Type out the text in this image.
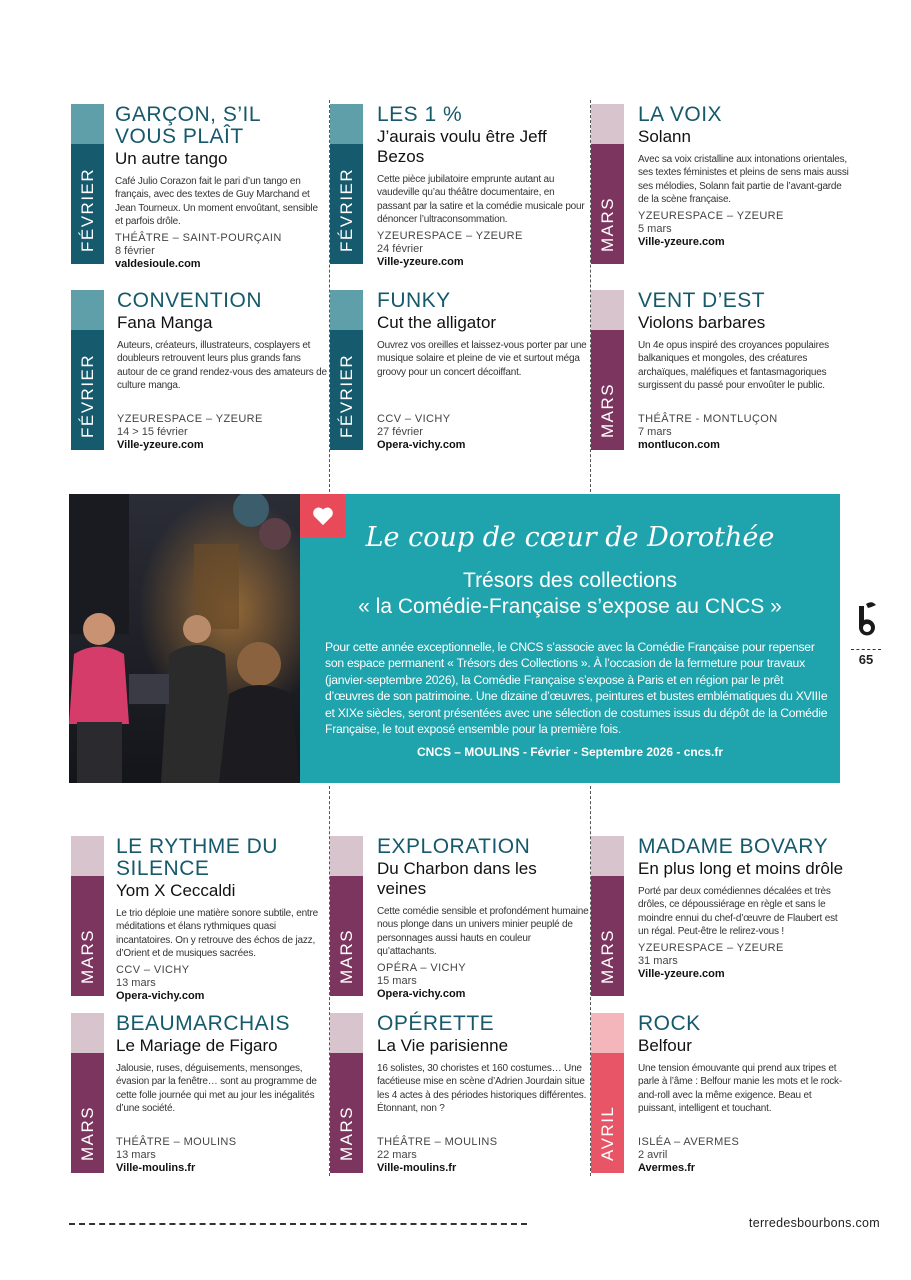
FÉVRIER
GARÇON, S’IL VOUS PLAÎT
Un autre tango
Café Julio Corazon fait le pari d’un tango en français, avec des textes de Guy Marchand et Jean Tourneux. Un moment envoûtant, sensible et parfois drôle.
THÉÂTRE – SAINT-POURÇAIN
8 février
valdesioule.com
FÉVRIER
LES 1 %
J’aurais voulu être Jeff Bezos
Cette pièce jubilatoire emprunte autant au vaudeville qu’au théâtre documentaire, en passant par la satire et la comédie musicale pour dénoncer l’ultraconsommation.
YZEURESPACE – YZEURE
24 février
Ville-yzeure.com
MARS
LA VOIX
Solann
Avec sa voix cristalline aux intonations orientales, ses textes féministes et pleins de sens mais aussi ses mélodies, Solann fait partie de l’avant-garde de la scène française.
YZEURESPACE – YZEURE
5 mars
Ville-yzeure.com
FÉVRIER
CONVENTION
Fana Manga
Auteurs, créateurs, illustrateurs, cosplayers et doubleurs retrouvent leurs plus grands fans autour de ce grand rendez-vous des amateurs de culture manga.
YZEURESPACE – YZEURE
14 > 15 février
Ville-yzeure.com
FÉVRIER
FUNKY
Cut the alligator
Ouvrez vos oreilles et laissez-vous porter par une musique solaire et pleine de vie et surtout méga groovy pour un concert décoiffant.
CCV – VICHY
27 février
Opera-vichy.com
MARS
VENT D’EST
Violons barbares
Un 4e opus inspiré des croyances populaires balkaniques et mongoles, des créatures archaïques, maléfiques et fantasmagoriques surgissent du passé pour envoûter le public.
THÉÂTRE - MONTLUÇON
7 mars
montlucon.com
Le coup de cœur de Dorothée
Trésors des collections
« la Comédie-Française s’expose au CNCS »
Pour cette année exceptionnelle, le CNCS s’associe avec la Comédie Française pour repenser son espace permanent « Trésors des Collections ». À l’occasion de la fermeture pour travaux (janvier-septembre 2026), la Comédie Française s’expose à Paris et en région par le prêt d’œuvres de son patrimoine. Une dizaine d’œuvres, peintures et bustes emblématiques du XVIIIe et XIXe siècles, seront présentées avec une sélection de costumes issus du dépôt de la Comédie Française, le tout exposé ensemble pour la première fois.
CNCS – MOULINS - Février - Septembre 2026 - cncs.fr
65
MARS
LE RYTHME DU SILENCE
Yom X Ceccaldi
Le trio déploie une matière sonore subtile, entre méditations et élans rythmiques quasi incantatoires. On y retrouve des échos de jazz, d’Orient et de musiques sacrées.
CCV – VICHY
13 mars
Opera-vichy.com
MARS
EXPLORATION
Du Charbon dans les veines
Cette comédie sensible et profondément humaine nous plonge dans un univers minier peuplé de personnages aussi hauts en couleur qu’attachants.
OPÉRA – VICHY
15 mars
Opera-vichy.com
MARS
MADAME BOVARY
En plus long et moins drôle
Porté par deux comédiennes décalées et très drôles, ce dépoussiérage en règle et sans le moindre ennui du chef-d’œuvre de Flaubert est un régal. Peut-être le relirez-vous !
YZEURESPACE – YZEURE
31 mars
Ville-yzeure.com
MARS
BEAUMARCHAIS
Le Mariage de Figaro
Jalousie, ruses, déguisements, mensonges, évasion par la fenêtre… sont au programme de cette folle journée qui met au jour les inégalités d’une société.
THÉÂTRE – MOULINS
13 mars
Ville-moulins.fr
MARS
OPÉRETTE
La Vie parisienne
16 solistes, 30 choristes et 160 costumes… Une facétieuse mise en scène d’Adrien Jourdain situe les 4 actes à des périodes historiques différentes. Étonnant, non ?
THÉÂTRE – MOULINS
22 mars
Ville-moulins.fr
AVRIL
ROCK
Belfour
Une tension émouvante qui prend aux tripes et parle à l’âme : Belfour manie les mots et le rock-and-roll avec la même exigence. Beau et puissant, intelligent et touchant.
ISLÉA – AVERMES
2 avril
Avermes.fr
terredesbourbons.com
